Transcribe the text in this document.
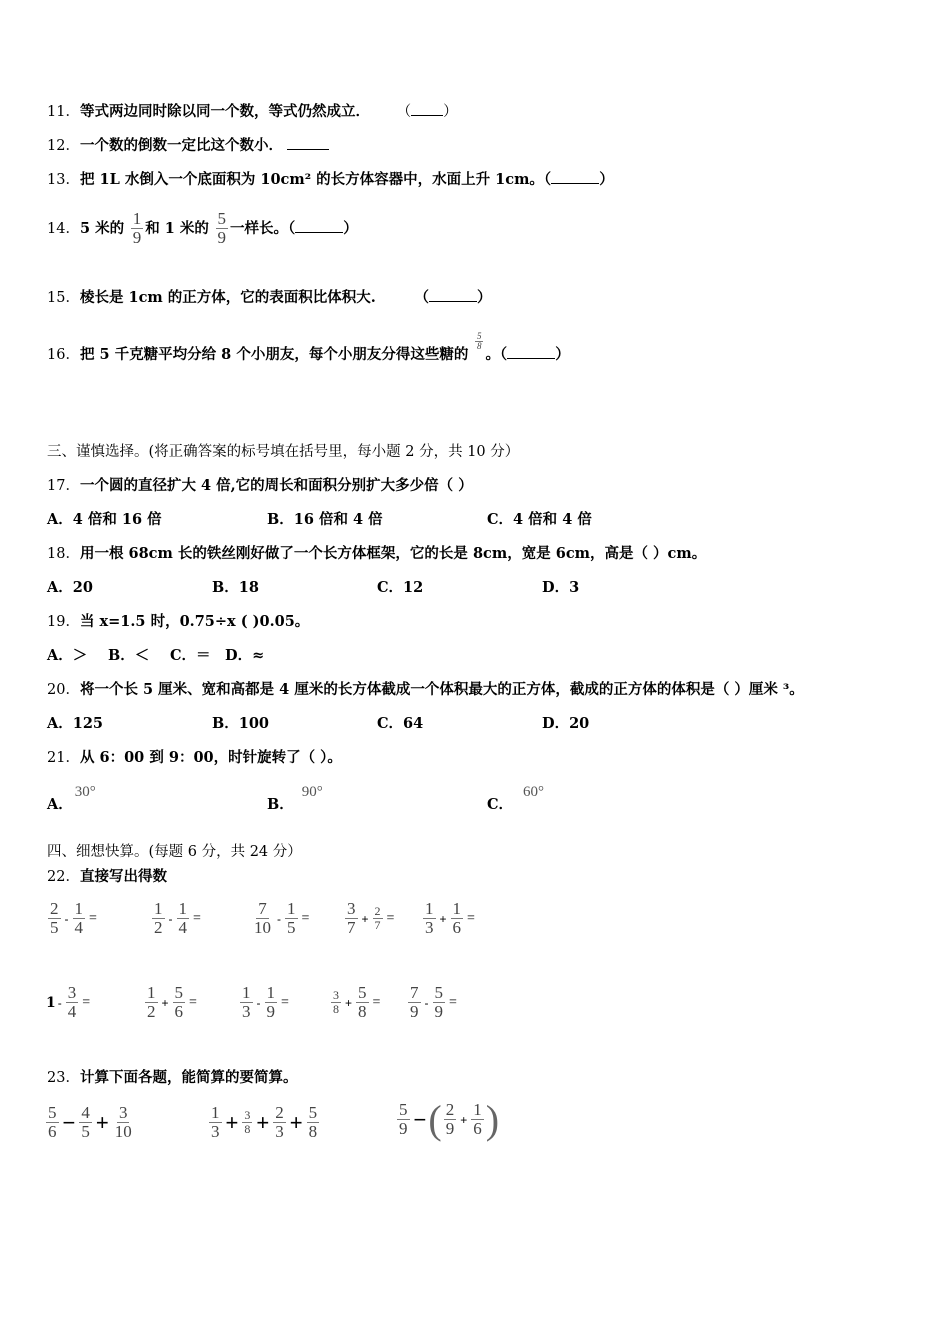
11．等式两边同时除以同一个数，等式仍然成立． （ ）
12．一个数的倒数一定比这个数小．
13．把 1L 水倒入一个底面积为 10cm² 的长方体容器中，水面上升 1cm。（	）
14．5 米的 $\frac{1}{9}$ 和 1 米的 $\frac{5}{9}$ 一样长。（	）
15．棱长是 1cm 的正方体，它的表面积比体积大.	（	）
16．把 5 千克糖平均分给 8 个小朋友，每个小朋友分得这些糖的
$\frac{5}{8}$
。（	）
三、谨慎选择。(将正确答案的标号填在括号里，每小题 2 分，共 10 分）
17．一个圆的直径扩大 4 倍,它的周长和面积分别扩大多少倍（ ）
A．4 倍和 16 倍	B．16 倍和 4 倍	C．4 倍和 4 倍
18．用一根 68cm 长的铁丝刚好做了一个长方体框架，它的长是 8cm，宽是 6cm，高是（ ）cm。
A．20	B．18	C．12	D．3
19．当 x=1.5 时，0.75÷x ( )0.05。
A．＞ B．＜ C．＝ D．≈
20．将一个长 5 厘米、宽和高都是 4 厘米的长方体截成一个体积最大的正方体，截成的正方体的体积是（ ）厘米 ³。
A．125	B．100	C．64	D．20
21．从 6：00 到 9：00，时针旋转了（ ）。
A．30°
B．90°
C．60°
四、细想快算。(每题 6 分，共 24 分）
22．直接写出得数
$\frac{2}{5} - \frac{1}{4}$ =	$\frac{1}{2} - \frac{1}{4}$ =	$\frac{7}{10} - \frac{1}{5} = \frac{3}{7} + \frac{2}{7} = \frac{1}{3} + \frac{1}{6}$ =
$1 - \frac{3}{4}$ =	$\frac{1}{2} + \frac{5}{6}$ =	$\frac{1}{3} - \frac{1}{9}$ =	$\frac{3}{8} + \frac{5}{8} = \frac{7}{9} - \frac{5}{9}$ =
23．计算下面各题，能简算的要简算。
$\frac{5}{6} - \frac{4}{5} + \frac{3}{10}$	$\frac{1}{3} + \frac{3}{8} + \frac{2}{3} + \frac{5}{8}$	$\frac{5}{9}$ −( $\frac{2}{9} + \frac{1}{6}$ )
